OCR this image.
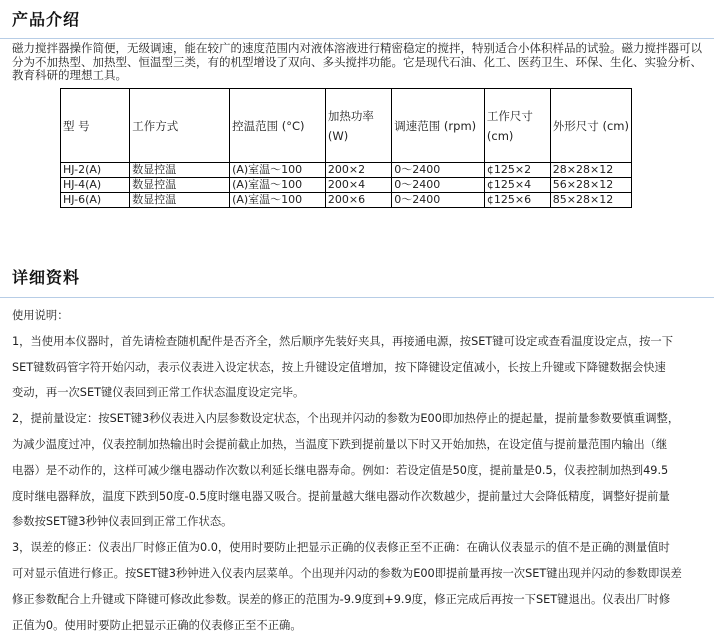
产品介绍

磁力搅拌器操作简便，无级调速，能在较广的速度范围内对液体溶液进行精密稳定的搅拌，特别适合小体积样品的试验。磁力搅拌器可以分为不加热型、加热型、恒温型三类，有的机型增设了双向、多头搅拌功能。它是现代石油、化工、医药卫生、环保、生化、实验分析、教育科研的理想工具。

型 号	工作方式	控温范围 (°C)	加热功率 (W)	调速范围 (rpm)	工作尺寸 (cm)	外形尺寸 (cm)
HJ-2(A)	数显控温	(A)室温～100	200×2	0～2400	¢125×2	28×28×12
HJ-4(A)	数显控温	(A)室温～100	200×4	0～2400	¢125×4	56×28×12
HJ-6(A)	数显控温	(A)室温～100	200×6	0～2400	¢125×6	85×28×12
详细资料

使用说明：

1，当使用本仪器时，首先请检查随机配件是否齐全，然后顺序先装好夹具，再接通电源，按SET键可设定或查看温度设定点，按一下

SET键数码管字符开始闪动，表示仪表进入设定状态，按上升键设定值增加，按下降键设定值减小，长按上升键或下降键数据会快速

变动，再一次SET键仪表回到正常工作状态温度设定完毕。

2，提前量设定：按SET键3秒仪表进入内层参数设定状态，个出现并闪动的参数为E00即加热停止的提起量，提前量参数要慎重调整，

为减少温度过冲，仪表控制加热输出时会提前截止加热，当温度下跌到提前量以下时又开始加热，在设定值与提前量范围内输出（继

电器）是不动作的，这样可减少继电器动作次数以利延长继电器寿命。例如：若设定值是50度，提前量是0.5，仪表控制加热到49.5

度时继电器释放，温度下跌到50度-0.5度时继电器又吸合。提前量越大继电器动作次数越少，提前量过大会降低精度，调整好提前量

参数按SET键3秒钟仪表回到正常工作状态。

3，误差的修正：仪表出厂时修正值为0.0，使用时要防止把显示正确的仪表修正至不正确：在确认仪表显示的值不是正确的测量值时

可对显示值进行修正。按SET键3秒钟进入仪表内层菜单。个出现并闪动的参数为E00即提前量再按一次SET键出现并闪动的参数即误差

修正参数配合上升键或下降键可修改此参数。误差的修正的范围为-9.9度到+9.9度，修正完成后再按一下SET键退出。仪表出厂时修

正值为0。使用时要防止把显示正确的仪表修正至不正确。
